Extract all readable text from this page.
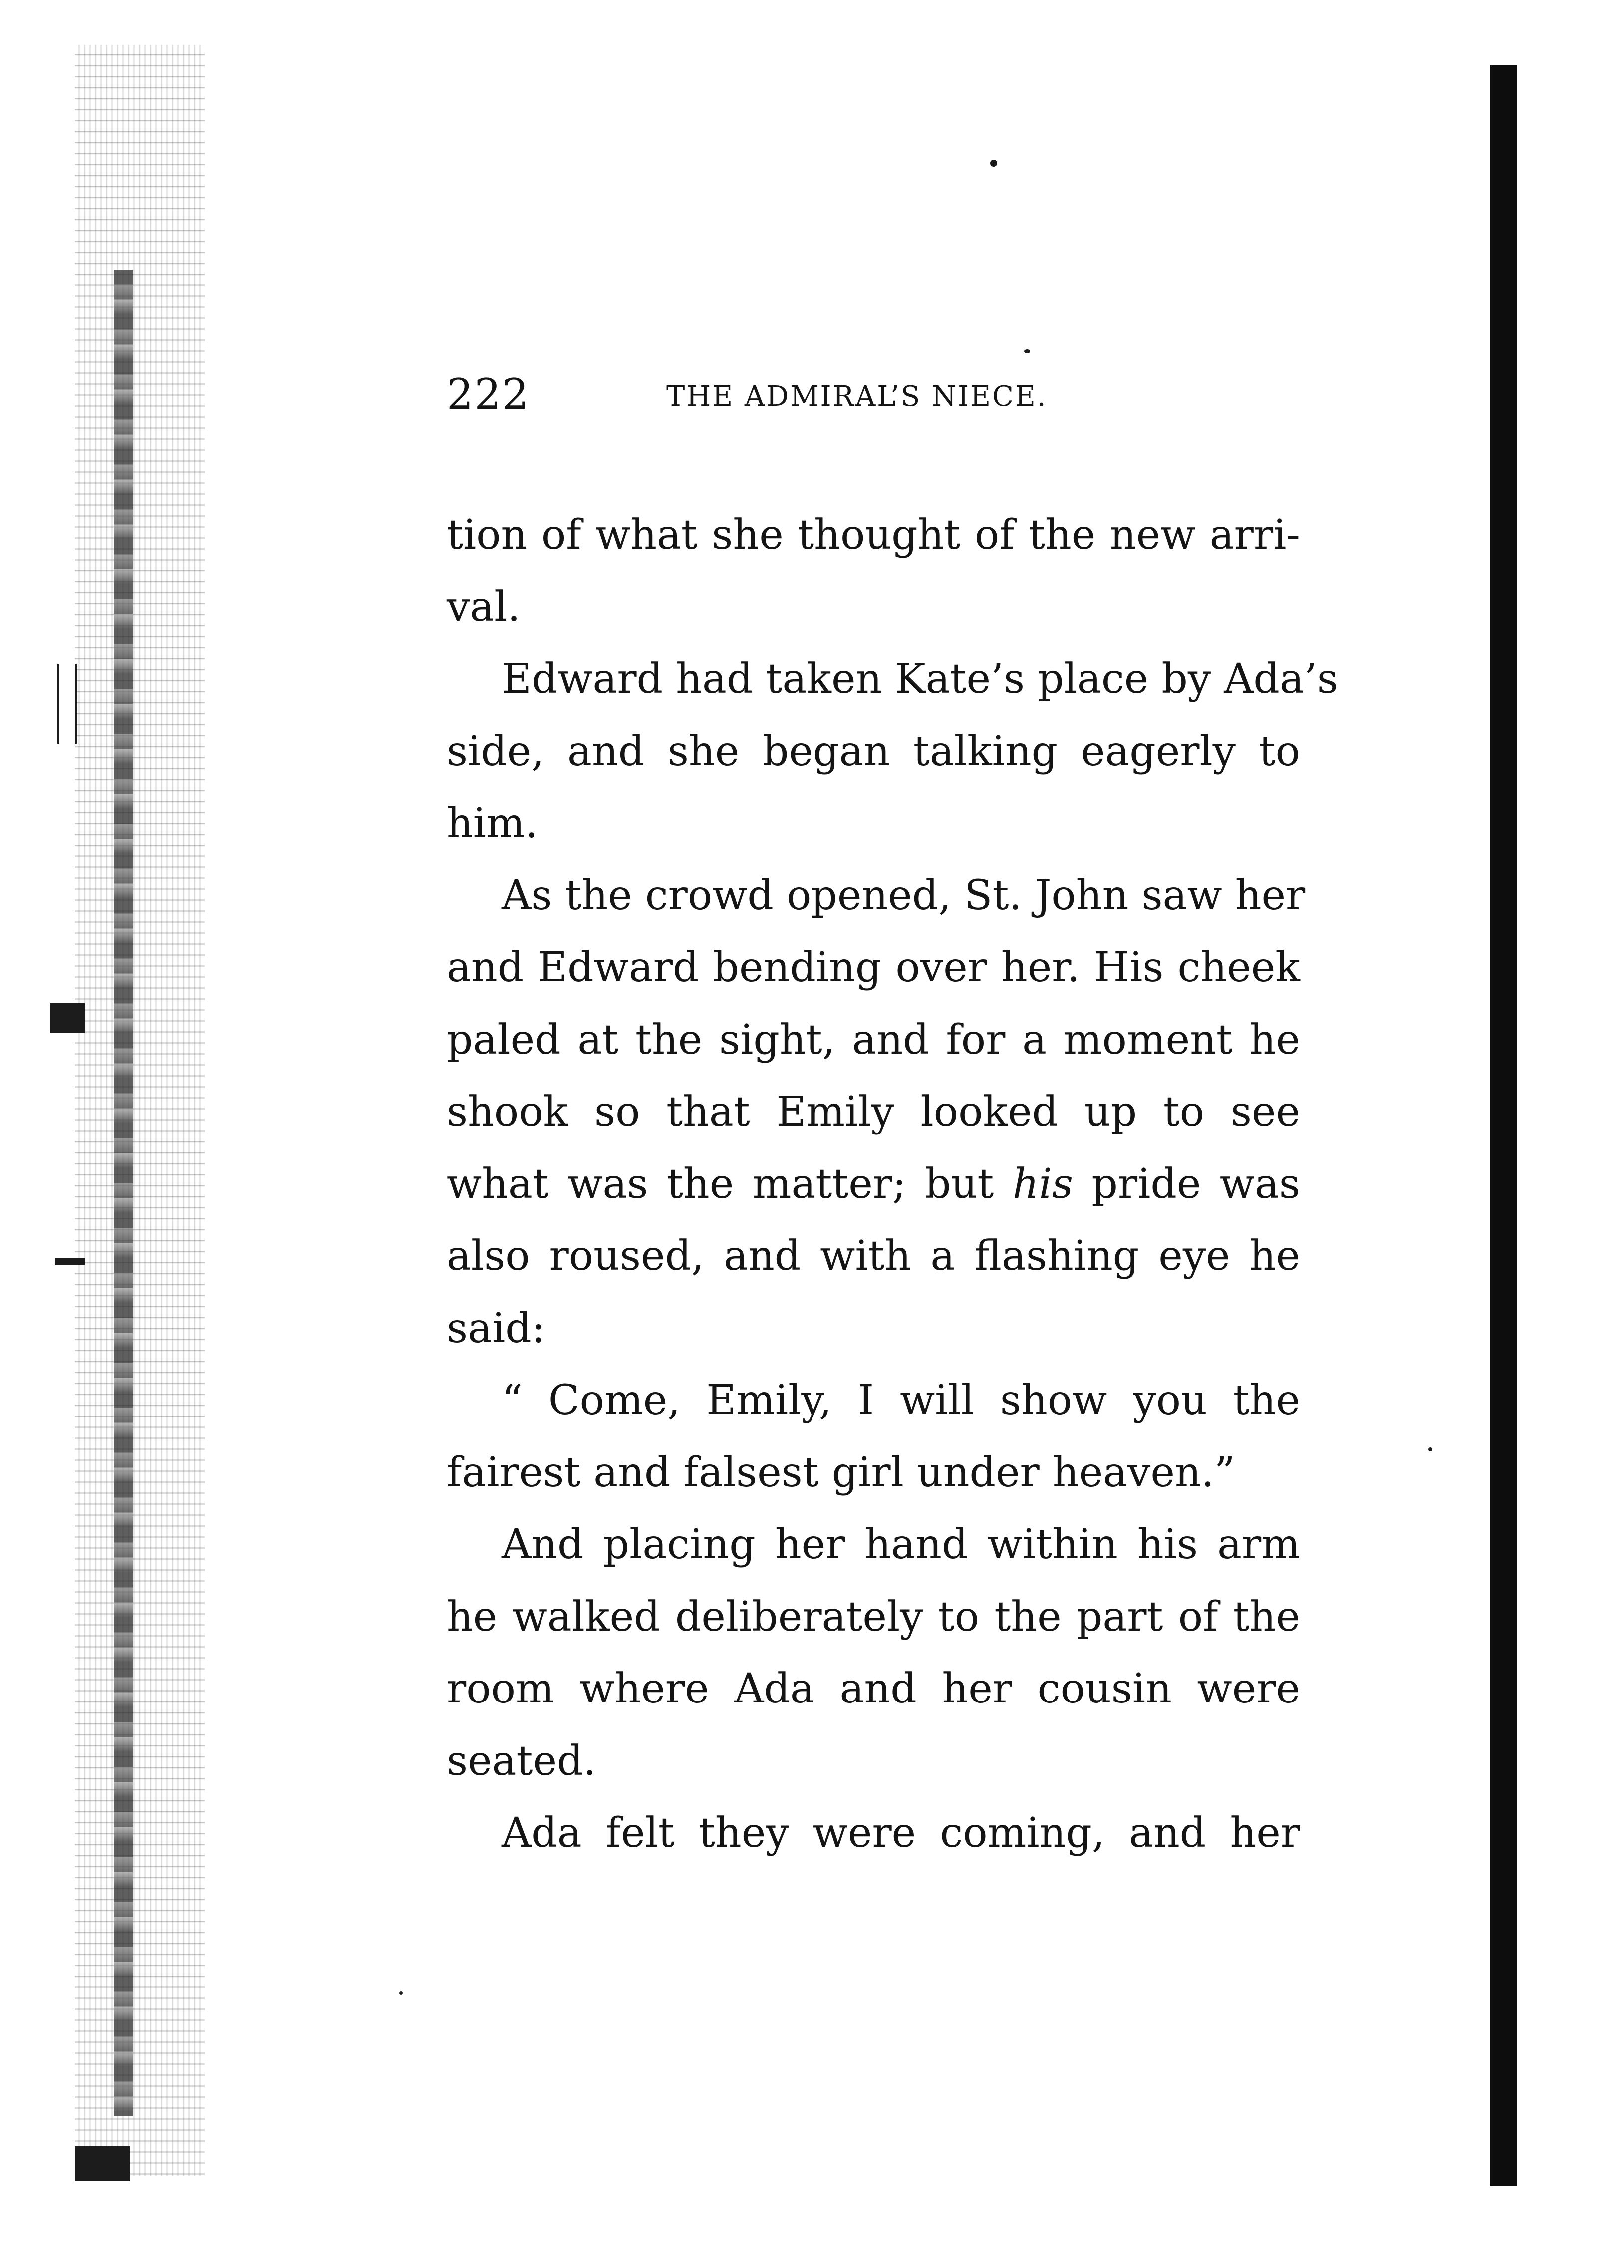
222	THE ADMIRAL’S NIECE.
tion of what she thought of the new arri-
val.
Edward had taken Kate’s place by Ada’s
side, and she began talking eagerly to
him.
As the crowd opened, St. John saw her
and Edward bending over her. His cheek
paled at the sight, and for a moment he
shook so that Emily looked up to see
what was the matter; but his pride was
also roused, and with a flashing eye he
said:
“ Come, Emily, I will show you the
fairest and falsest girl under heaven.”
And placing her hand within his arm
he walked deliberately to the part of the
room where Ada and her cousin were
seated.
Ada felt they were coming, and her
